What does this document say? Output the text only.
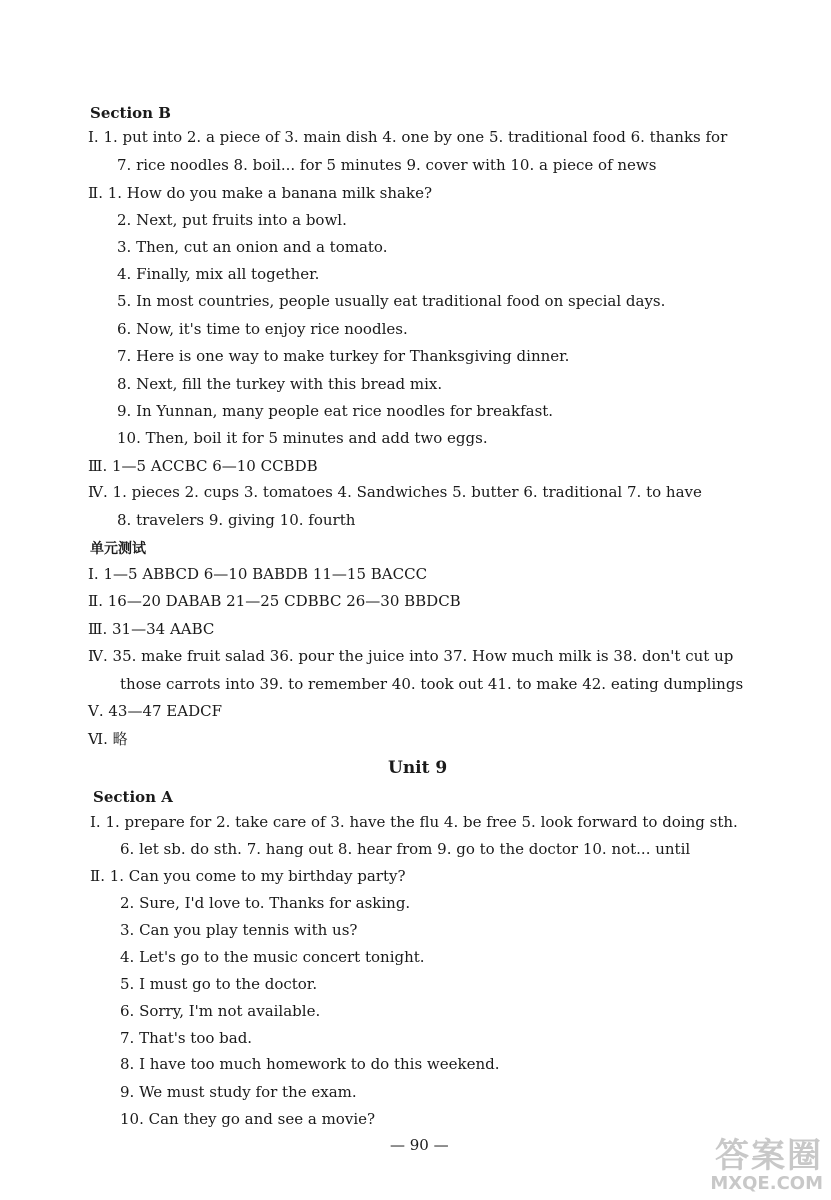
Section B
Ⅰ. 1. put into 2. a piece of 3. main dish 4. one by one 5. traditional food 6. thanks for
7. rice noodles 8. boil... for 5 minutes 9. cover with 10. a piece of news
Ⅱ. 1. How do you make a banana milk shake?
2. Next, put fruits into a bowl.
3. Then, cut an onion and a tomato.
4. Finally, mix all together.
5. In most countries, people usually eat traditional food on special days.
6. Now, it's time to enjoy rice noodles.
7. Here is one way to make turkey for Thanksgiving dinner.
8. Next, fill the turkey with this bread mix.
9. In Yunnan, many people eat rice noodles for breakfast.
10. Then, boil it for 5 minutes and add two eggs.
Ⅲ. 1—5 ACCBC 6—10 CCBDB
Ⅳ. 1. pieces 2. cups 3. tomatoes 4. Sandwiches 5. butter 6. traditional 7. to have
8. travelers 9. giving 10. fourth
单元测试
Ⅰ. 1—5 ABBCD 6—10 BABDB 11—15 BACCC
Ⅱ. 16—20 DABAB 21—25 CDBBC 26—30 BBDCB
Ⅲ. 31—34 AABC
Ⅳ. 35. make fruit salad 36. pour the juice into 37. How much milk is 38. don't cut up
those carrots into 39. to remember 40. took out 41. to make 42. eating dumplings
Ⅴ. 43—47 EADCF
Ⅵ. 略
Unit 9
Section A
Ⅰ. 1. prepare for 2. take care of 3. have the flu 4. be free 5. look forward to doing sth.
6. let sb. do sth. 7. hang out 8. hear from 9. go to the doctor 10. not... until
Ⅱ. 1. Can you come to my birthday party?
2. Sure, I'd love to. Thanks for asking.
3. Can you play tennis with us?
4. Let's go to the music concert tonight.
5. I must go to the doctor.
6. Sorry, I'm not available.
7. That's too bad.
8. I have too much homework to do this weekend.
9. We must study for the exam.
10. Can they go and see a movie?
— 90 —	答案圈
MXQE.COM
